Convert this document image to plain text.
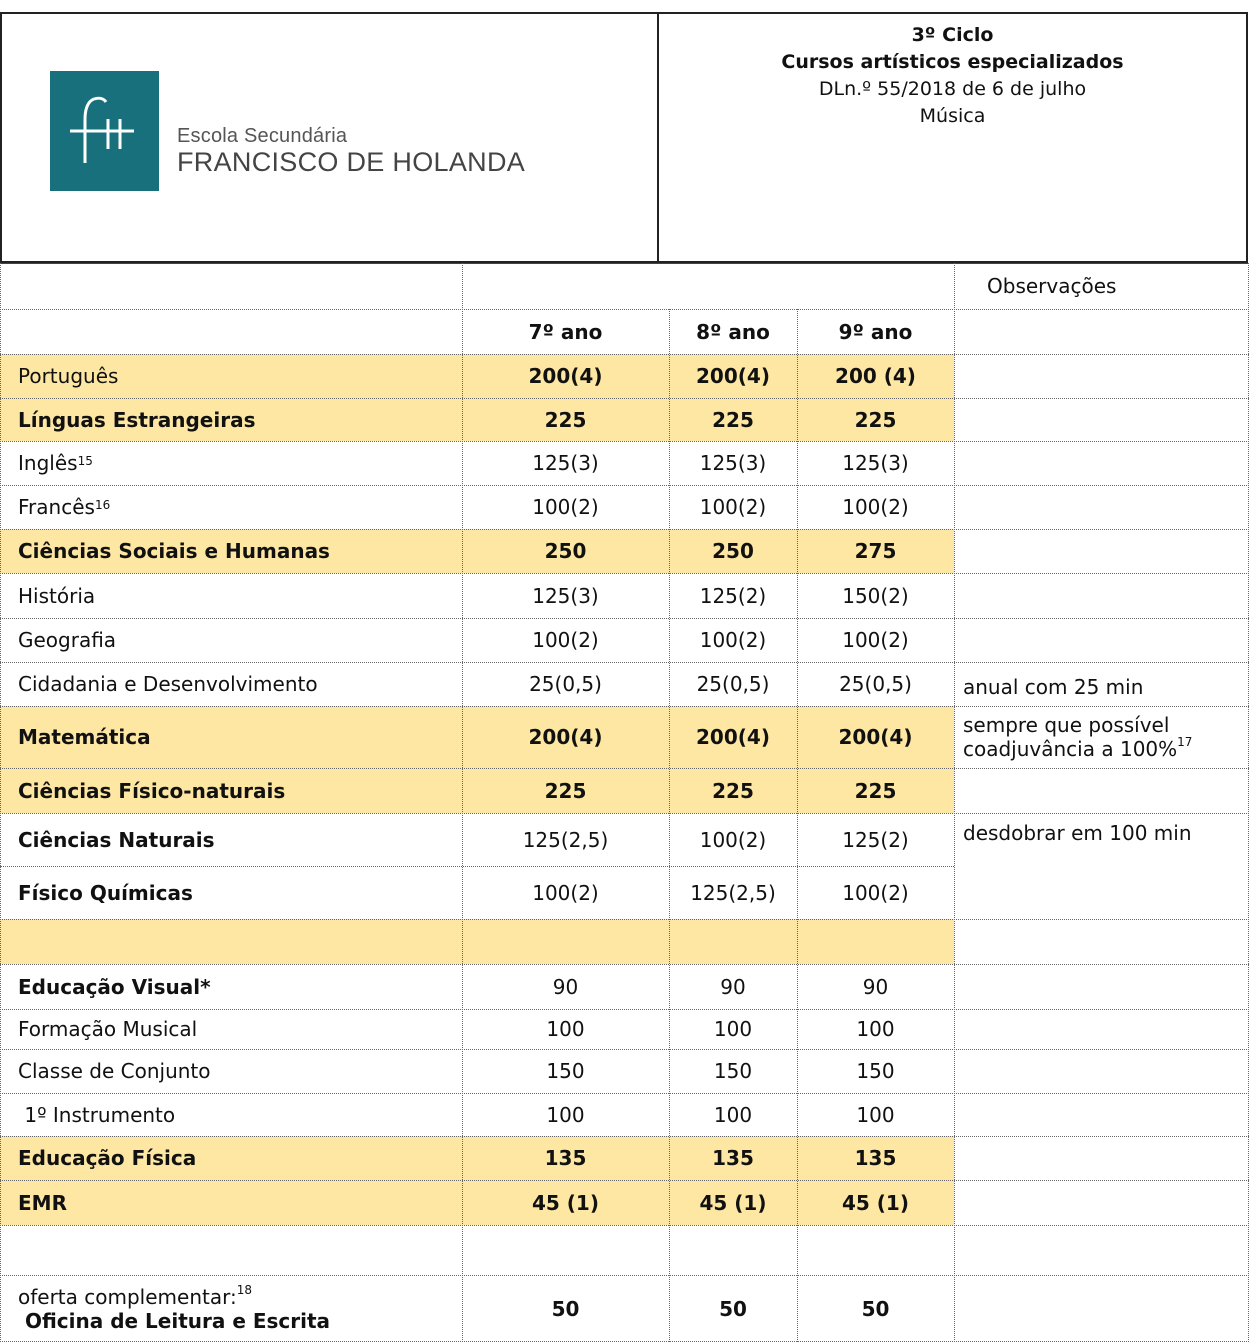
Escola Secundária
FRANCISCO DE HOLANDA
3º Ciclo
Cursos artísticos especializados
DLn.º 55/2018 de 6 de julho
Música
Observações
7º ano	8º ano	9º ano
Português	200(4)	200(4)	200 (4)
Línguas Estrangeiras	225	225	225
Inglês$^{15}$	125(3)	125(3)	125(3)
Francês$^{16}$	100(2)	100(2)	100(2)
Ciências Sociais e Humanas	250	250	275
História	125(3)	125(2)	150(2)
Geografia	100(2)	100(2)	100(2)
Cidadania e Desenvolvimento	25(0,5)	25(0,5)	25(0,5)	anual com 25 min
Matemática	200(4)	200(4)	200(4)	sempre que possível
coadjuvância a 100%$^{17}$
Ciências Físico-naturais	225	225	225
Ciências Naturais	125(2,5)	100(2)	125(2)	desdobrar em 100 min
Físico Químicas	100(2)	125(2,5)	100(2)
Educação Visual*	90	90	90
Formação Musical	100	100	100
Classe de Conjunto	150	150	150
1º Instrumento	100	100	100
Educação Física	135	135	135
EMR	45 (1)	45 (1)	45 (1)
oferta complementar:$^{18}$
Oficina de Leitura e Escrita	50	50	50
